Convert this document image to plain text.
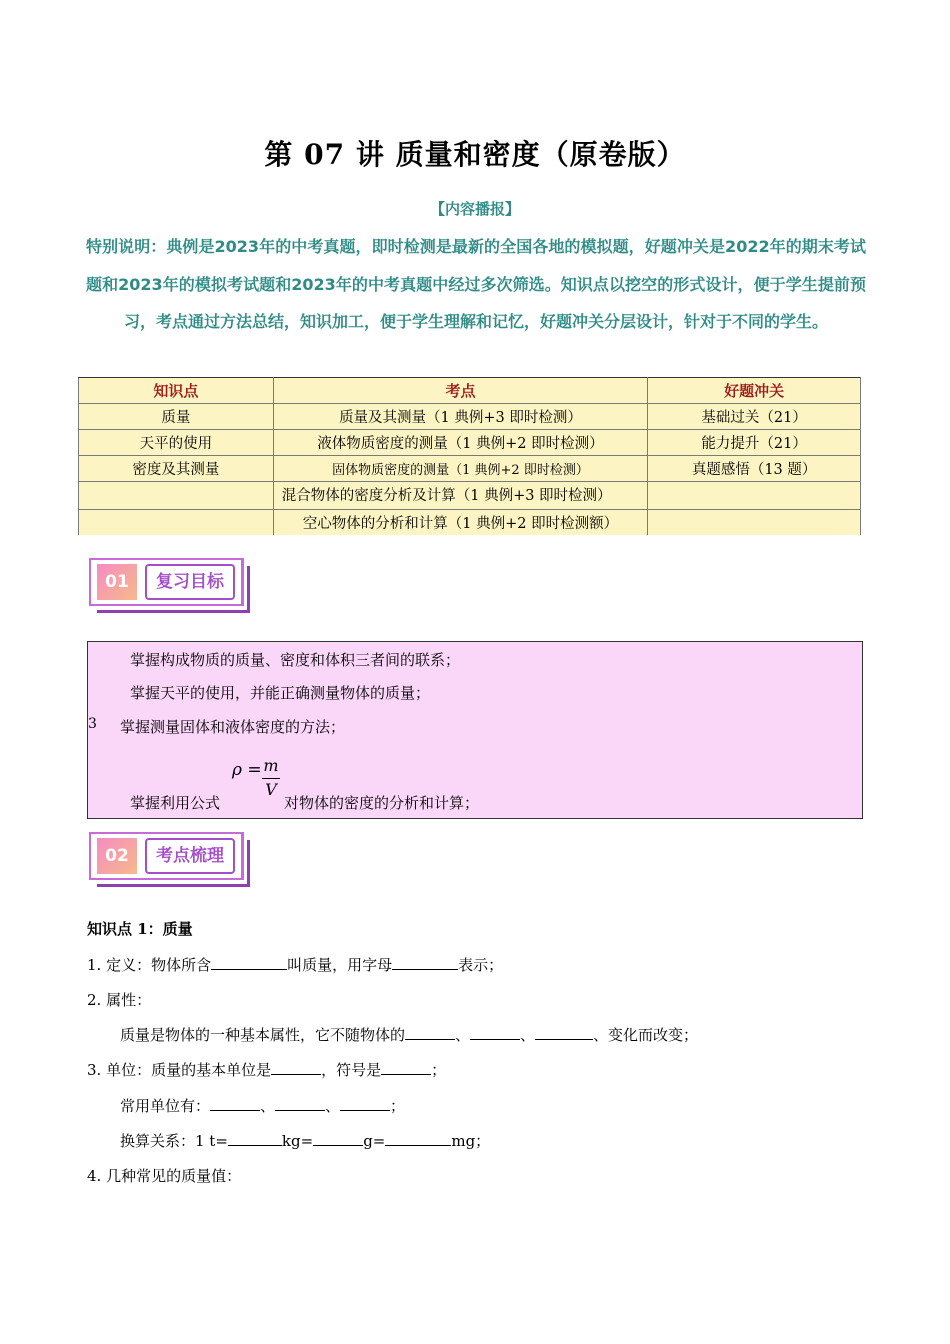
第 07 讲 质量和密度（原卷版）
【内容播报】
特别说明：典例是2023年的中考真题，即时检测是最新的全国各地的模拟题，好题冲关是2022年的期末考试题和2023年的模拟考试题和2023年的中考真题中经过多次筛选。知识点以挖空的形式设计，便于学生提前预习，考点通过方法总结，知识加工，便于学生理解和记忆，好题冲关分层设计，针对于不同的学生。
知识点	考点	好题冲关
质量	质量及其测量（1 典例+3 即时检测）	基础过关（21）
天平的使用	液体物质密度的测量（1 典例+2 即时检测）	能力提升（21）
密度及其测量	固体物质密度的测量（1 典例+2 即时检测）	真题感悟（13 题）
	混合物体的密度分析及计算（1 典例+3 即时检测）	
	空心物体的分析和计算（1 典例+2 即时检测额）	
01	复习目标
掌握构成物质的质量、密度和体积三者间的联系；
掌握天平的使用，并能正确测量物体的质量；
3 掌握测量固体和液体密度的方法；
掌握利用公式
ρ = m
V
对物体的密度的分析和计算；
02	考点梳理
知识点 1：质量
1. 定义：物体所含	叫质量，用字母	表示；
2. 属性：
质量是物体的一种基本属性，它不随物体的	、	、	、变化而改变；
3. 单位：质量的基本单位是	，符号是	；
常用单位有：	、	、	；
换算关系：1 t=	kg=	g=	mg；
4. 几种常见的质量值：
